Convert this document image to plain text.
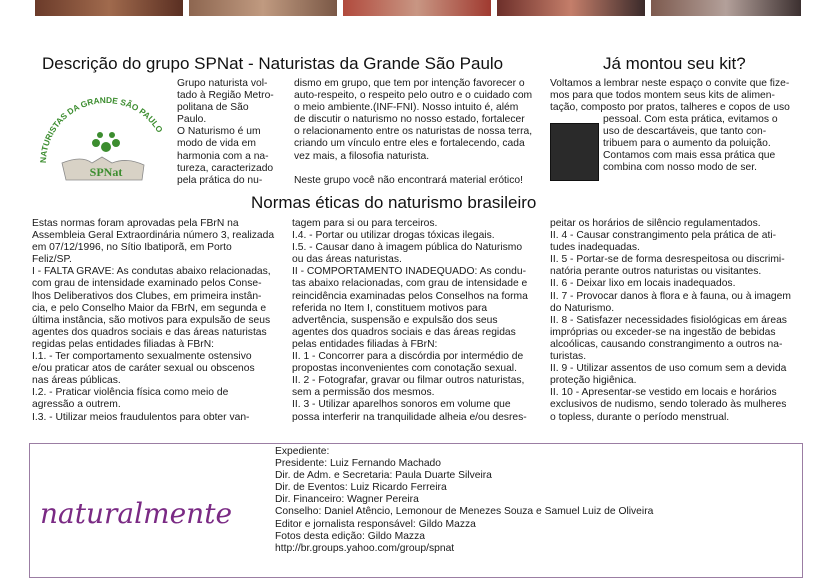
Descrição do grupo SPNat - Naturistas da Grande São Paulo
NATURISTAS DA GRANDE SÃO PAULO
SPNat

Grupo naturista vol-

tado à Região Metro-

politana de São

Paulo.

O Naturismo é um

modo de vida em

harmonia com a na-

tureza, caracterizado

pela prática do nu-

dismo em grupo, que tem por intenção favorecer o

auto-respeito, o respeito pelo outro e o cuidado com

o meio ambiente.(INF-FNI). Nosso intuito é, além

de discutir o naturismo no nosso estado, fortalecer

o relacionamento entre os naturistas de nossa terra,

criando um vínculo entre eles e fortalecendo, cada

vez mais, a filosofia naturista.

Neste grupo você não encontrará material erótico!

Já montou seu kit?

Voltamos a lembrar neste espaço o convite que fize-

mos para que todos montem seus kits de alimen-

tação, composto por pratos, talheres e copos de uso

pessoal. Com esta prática, evitamos o

uso de descartáveis, que tanto con-

tribuem para o aumento da poluição.

Contamos com mais essa prática que

combina com nosso modo de ser.

Normas éticas do naturismo brasileiro

Estas normas foram aprovadas pela FBrN na

Assembleia Geral Extraordinária número 3, realizada

em 07/12/1996, no Sítio Ibatiporã, em Porto

Feliz/SP.

I - FALTA GRAVE: As condutas abaixo relacionadas,

com grau de intensidade examinado pelos Conse-

lhos Deliberativos dos Clubes, em primeira instân-

cia, e pelo Conselho Maior da FBrN, em segunda e

última instância, são motivos para expulsão de seus

agentes dos quadros sociais e das áreas naturistas

regidas pelas entidades filiadas à FBrN:

I.1. - Ter comportamento sexualmente ostensivo

e/ou praticar atos de caráter sexual ou obscenos

nas áreas públicas.

I.2. - Praticar violência física como meio de

agressão a outrem.

I.3. - Utilizar meios fraudulentos para obter van-

tagem para si ou para terceiros.

I.4. - Portar ou utilizar drogas tóxicas ilegais.

I.5. - Causar dano à imagem pública do Naturismo

ou das áreas naturistas.

II - COMPORTAMENTO INADEQUADO: As condu-

tas abaixo relacionadas, com grau de intensidade e

reincidência examinadas pelos Conselhos na forma

referida no Item I, constituem motivos para

advertência, suspensão e expulsão dos seus

agentes dos quadros sociais e das áreas regidas

pelas entidades filiadas à FBrN:

II. 1 - Concorrer para a discórdia por intermédio de

propostas inconvenientes com conotação sexual.

II. 2 - Fotografar, gravar ou filmar outros naturistas,

sem a permissão dos mesmos.

II. 3 - Utilizar aparelhos sonoros em volume que

possa interferir na tranquilidade alheia e/ou desres-

peitar os horários de silêncio regulamentados.

II. 4 - Causar constrangimento pela prática de ati-

tudes inadequadas.

II. 5 - Portar-se de forma desrespeitosa ou discrimi-

natória perante outros naturistas ou visitantes.

II. 6 - Deixar lixo em locais inadequados.

II. 7 - Provocar danos à flora e à fauna, ou à imagem

do Naturismo.

II. 8 - Satisfazer necessidades fisiológicas em áreas

impróprias ou exceder-se na ingestão de bebidas

alcoólicas, causando constrangimento a outros na-

turistas.

II. 9 - Utilizar assentos de uso comum sem a devida

proteção higiênica.

II. 10 - Apresentar-se vestido em locais e horários

exclusivos de nudismo, sendo tolerado às mulheres

o topless, durante o período menstrual.

naturalmente
Expediente:
Presidente: Luiz Fernando Machado
Dir. de Adm. e Secretaria: Paula Duarte Silveira
Dir. de Eventos: Luiz Ricardo Ferreira
Dir. Financeiro: Wagner Pereira
Conselho: Daniel Atêncio, Lemonour de Menezes Souza e Samuel Luiz de Oliveira
Editor e jornalista responsável: Gildo Mazza
Fotos desta edição: Gildo Mazza
http://br.groups.yahoo.com/group/spnat
